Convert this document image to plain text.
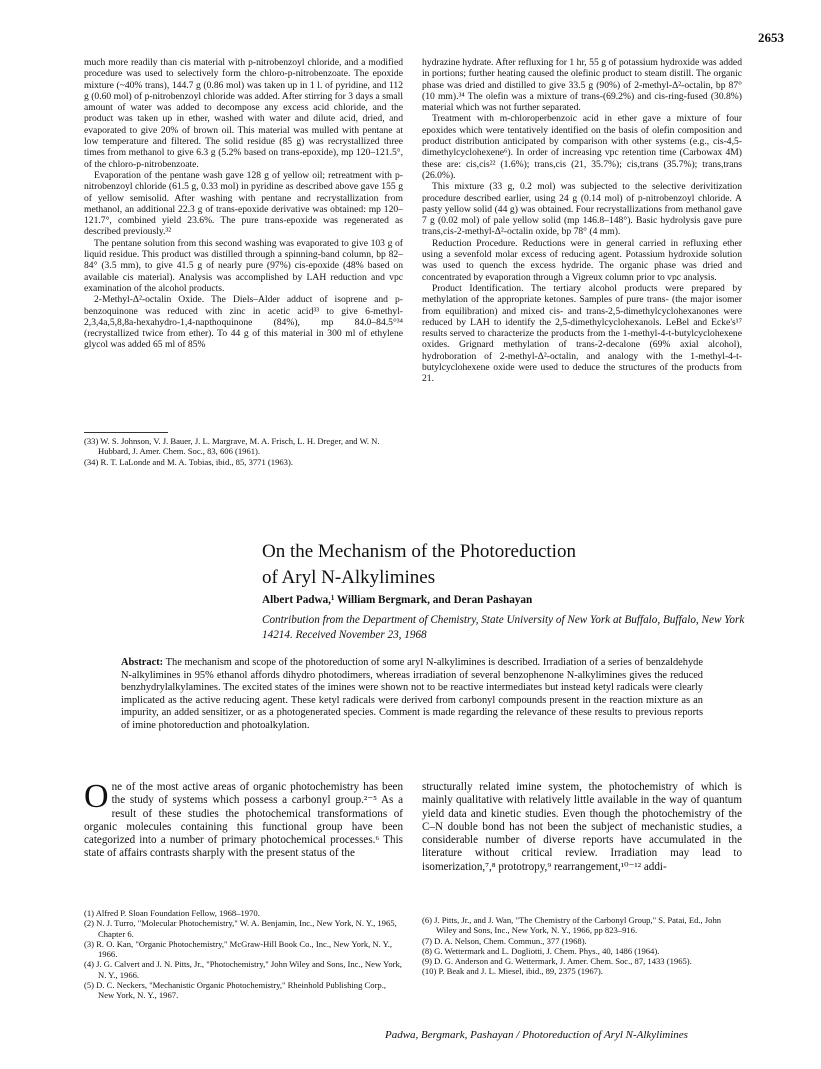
2653

much more readily than cis material with p-nitrobenzoyl chloride, and a modified procedure was used to selectively form the chloro-p-nitrobenzoate. The epoxide mixture (~40% trans), 144.7 g (0.86 mol) was taken up in 1 l. of pyridine, and 112 g (0.60 mol) of p-nitrobenzoyl chloride was added. After stirring for 3 days a small amount of water was added to decompose any excess acid chloride, and the product was taken up in ether, washed with water and dilute acid, dried, and evaporated to give 20% of brown oil. This material was mulled with pentane at low temperature and filtered. The solid residue (85 g) was recrystallized three times from methanol to give 6.3 g (5.2% based on trans-epoxide), mp 120–121.5°, of the chloro-p-nitrobenzoate.

Evaporation of the pentane wash gave 128 g of yellow oil; retreatment with p-nitrobenzoyl chloride (61.5 g, 0.33 mol) in pyridine as described above gave 155 g of yellow semisolid. After washing with pentane and recrystallization from methanol, an additional 22.3 g of trans-epoxide derivative was obtained: mp 120–121.7°, combined yield 23.6%. The pure trans-epoxide was regenerated as described previously.³²

The pentane solution from this second washing was evaporated to give 103 g of liquid residue. This product was distilled through a spinning-band column, bp 82–84° (3.5 mm), to give 41.5 g of nearly pure (97%) cis-epoxide (48% based on available cis material). Analysis was accomplished by LAH reduction and vpc examination of the alcohol products.

2-Methyl-Δ²-octalin Oxide. The Diels–Alder adduct of isoprene and p-benzoquinone was reduced with zinc in acetic acid³³ to give 6-methyl-2,3,4a,5,8,8a-hexahydro-1,4-napthoquinone (84%), mp 84.0–84.5°³⁴ (recrystallized twice from ether). To 44 g of this material in 300 ml of ethylene glycol was added 65 ml of 85%

hydrazine hydrate. After refluxing for 1 hr, 55 g of potassium hydroxide was added in portions; further heating caused the olefinic product to steam distill. The organic phase was dried and distilled to give 33.5 g (90%) of 2-methyl-Δ²-octalin, bp 87° (10 mm).³⁴ The olefin was a mixture of trans-(69.2%) and cis-ring-fused (30.8%) material which was not further separated.

Treatment with m-chloroperbenzoic acid in ether gave a mixture of four epoxides which were tentatively identified on the basis of olefin composition and product distribution anticipated by comparison with other systems (e.g., cis-4,5-dimethylcyclohexene⁶). In order of increasing vpc retention time (Carbowax 4M) these are: cis,cis²² (1.6%); trans,cis (21, 35.7%); cis,trans (35.7%); trans,trans (26.0%).

This mixture (33 g, 0.2 mol) was subjected to the selective derivitization procedure described earlier, using 24 g (0.14 mol) of p-nitrobenzoyl chloride. A pasty yellow solid (44 g) was obtained. Four recrystallizations from methanol gave 7 g (0.02 mol) of pale yellow solid (mp 146.8–148°). Basic hydrolysis gave pure trans,cis-2-methyl-Δ²-octalin oxide, bp 78° (4 mm).

Reduction Procedure. Reductions were in general carried in refluxing ether using a sevenfold molar excess of reducing agent. Potassium hydroxide solution was used to quench the excess hydride. The organic phase was dried and concentrated by evaporation through a Vigreux column prior to vpc analysis.

Product Identification. The tertiary alcohol products were prepared by methylation of the appropriate ketones. Samples of pure trans- (the major isomer from equilibration) and mixed cis- and trans-2,5-dimethylcyclohexanones were reduced by LAH to identify the 2,5-dimethylcyclohexanols. LeBel and Ecke's¹⁷ results served to characterize the products from the 1-methyl-4-t-butylcyclohexene oxides. Grignard methylation of trans-2-decalone (69% axial alcohol), hydroboration of 2-methyl-Δ²-octalin, and analogy with the 1-methyl-4-t-butylcyclohexene oxide were used to deduce the structures of the products from 21.

(33) W. S. Johnson, V. J. Bauer, J. L. Margrave, M. A. Frisch, L. H. Dreger, and W. N. Hubbard, J. Amer. Chem. Soc., 83, 606 (1961).
(34) R. T. LaLonde and M. A. Tobias, ibid., 85, 3771 (1963).
On the Mechanism of the Photoreduction
of Aryl N-Alkylimines
Albert Padwa,¹ William Bergmark, and Deran Pashayan
Contribution from the Department of Chemistry, State University of New York at Buffalo, Buffalo, New York 14214. Received November 23, 1968
Abstract: The mechanism and scope of the photoreduction of some aryl N-alkylimines is described. Irradiation of a series of benzaldehyde N-alkylimines in 95% ethanol affords dihydro photodimers, whereas irradiation of several benzophenone N-alkylimines gives the reduced benzhydrylalkylamines. The excited states of the imines were shown not to be reactive intermediates but instead ketyl radicals were clearly implicated as the active reducing agent. These ketyl radicals were derived from carbonyl compounds present in the reaction mixture as an impurity, an added sensitizer, or as a photogenerated species. Comment is made regarding the relevance of these results to previous reports of imine photoreduction and photoalkylation.
One of the most active areas of organic photochemistry has been the study of systems which possess a carbonyl group.²⁻⁵ As a result of these studies the photochemical transformations of organic molecules containing this functional group have been categorized into a number of primary photochemical processes.⁶ This state of affairs contrasts sharply with the present status of the
structurally related imine system, the photochemistry of which is mainly qualitative with relatively little available in the way of quantum yield data and kinetic studies. Even though the photochemistry of the C–N double bond has not been the subject of mechanistic studies, a considerable number of diverse reports have accumulated in the literature without critical review. Irradiation may lead to isomerization,⁷,⁸ prototropy,⁹ rearrangement,¹⁰⁻¹² addi-
(1) Alfred P. Sloan Foundation Fellow, 1968–1970.
(2) N. J. Turro, "Molecular Photochemistry," W. A. Benjamin, Inc., New York, N. Y., 1965, Chapter 6.
(3) R. O. Kan, "Organic Photochemistry," McGraw-Hill Book Co., Inc., New York, N. Y., 1966.
(4) J. G. Calvert and J. N. Pitts, Jr., "Photochemistry," John Wiley and Sons, Inc., New York, N. Y., 1966.
(5) D. C. Neckers, "Mechanistic Organic Photochemistry," Rheinhold Publishing Corp., New York, N. Y., 1967.
(6) J. Pitts, Jr., and J. Wan, "The Chemistry of the Carbonyl Group," S. Patai, Ed., John Wiley and Sons, Inc., New York, N. Y., 1966, pp 823–916.
(7) D. A. Nelson, Chem. Commun., 377 (1968).
(8) G. Wettermark and L. Dogliotti, J. Chem. Phys., 40, 1486 (1964).
(9) D. G. Anderson and G. Wettermark, J. Amer. Chem. Soc., 87, 1433 (1965).
(10) P. Beak and J. L. Miesel, ibid., 89, 2375 (1967).
Padwa, Bergmark, Pashayan / Photoreduction of Aryl N-Alkylimines
